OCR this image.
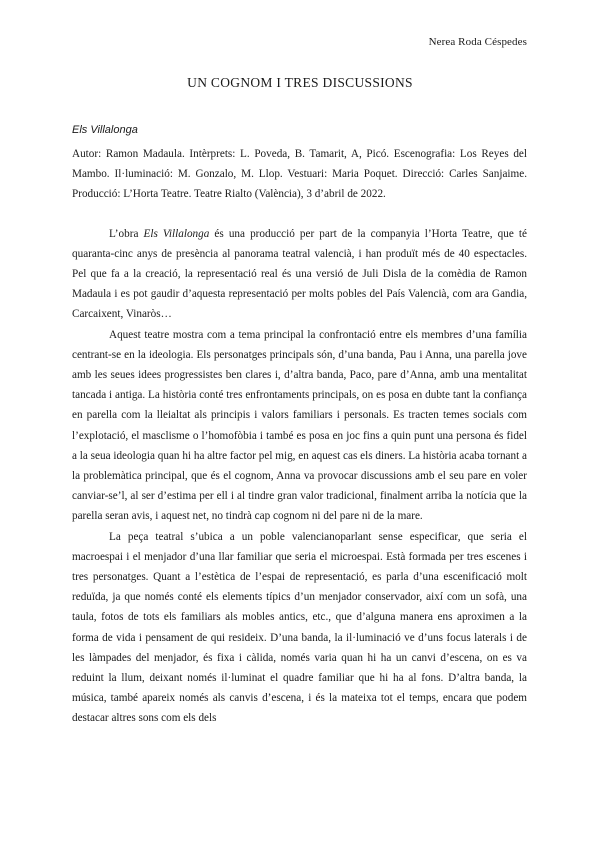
Nerea Roda Céspedes
UN COGNOM I TRES DISCUSSIONS
Els Villalonga

Autor: Ramon Madaula. Intèrprets: L. Poveda, B. Tamarit, A, Picó. Escenografia: Los Reyes del Mambo. Il·luminació: M. Gonzalo, M. Llop. Vestuari: Maria Poquet. Direcció: Carles Sanjaime. Producció: L’Horta Teatre. Teatre Rialto (València), 3 d’abril de 2022.

L’obra Els Villalonga és una producció per part de la companyia l’Horta Teatre, que té quaranta-cinc anys de presència al panorama teatral valencià, i han produït més de 40 espectacles. Pel que fa a la creació, la representació real és una versió de Juli Disla de la comèdia de Ramon Madaula i es pot gaudir d’aquesta representació per molts pobles del País Valencià, com ara Gandia, Carcaixent, Vinaròs…

Aquest teatre mostra com a tema principal la confrontació entre els membres d’una família centrant-se en la ideologia. Els personatges principals són, d’una banda, Pau i Anna, una parella jove amb les seues idees progressistes ben clares i, d’altra banda, Paco, pare d’Anna, amb una mentalitat tancada i antiga. La història conté tres enfrontaments principals, on es posa en dubte tant la confiança en parella com la lleialtat als principis i valors familiars i personals. Es tracten temes socials com l’explotació, el masclisme o l’homofòbia i també es posa en joc fins a quin punt una persona és fidel a la seua ideologia quan hi ha altre factor pel mig, en aquest cas els diners. La història acaba tornant a la problemàtica principal, que és el cognom, Anna va provocar discussions amb el seu pare en voler canviar-se’l, al ser d’estima per ell i al tindre gran valor tradicional, finalment arriba la notícia que la parella seran avis, i aquest net, no tindrà cap cognom ni del pare ni de la mare.

La peça teatral s’ubica a un poble valencianoparlant sense especificar, que seria el macroespai i el menjador d’una llar familiar que seria el microespai. Està formada per tres escenes i tres personatges. Quant a l’estètica de l’espai de representació, es parla d’una escenificació molt reduïda, ja que només conté els elements típics d’un menjador conservador, així com un sofà, una taula, fotos de tots els familiars als mobles antics, etc., que d’alguna manera ens aproximen a la forma de vida i pensament de qui resideix. D’una banda, la il·luminació ve d’uns focus laterals i de les làmpades del menjador, és fixa i càlida, només varia quan hi ha un canvi d’escena, on es va reduint la llum, deixant només il·luminat el quadre familiar que hi ha al fons. D’altra banda, la música, també apareix només als canvis d’escena, i és la mateixa tot el temps, encara que podem destacar altres sons com els dels
